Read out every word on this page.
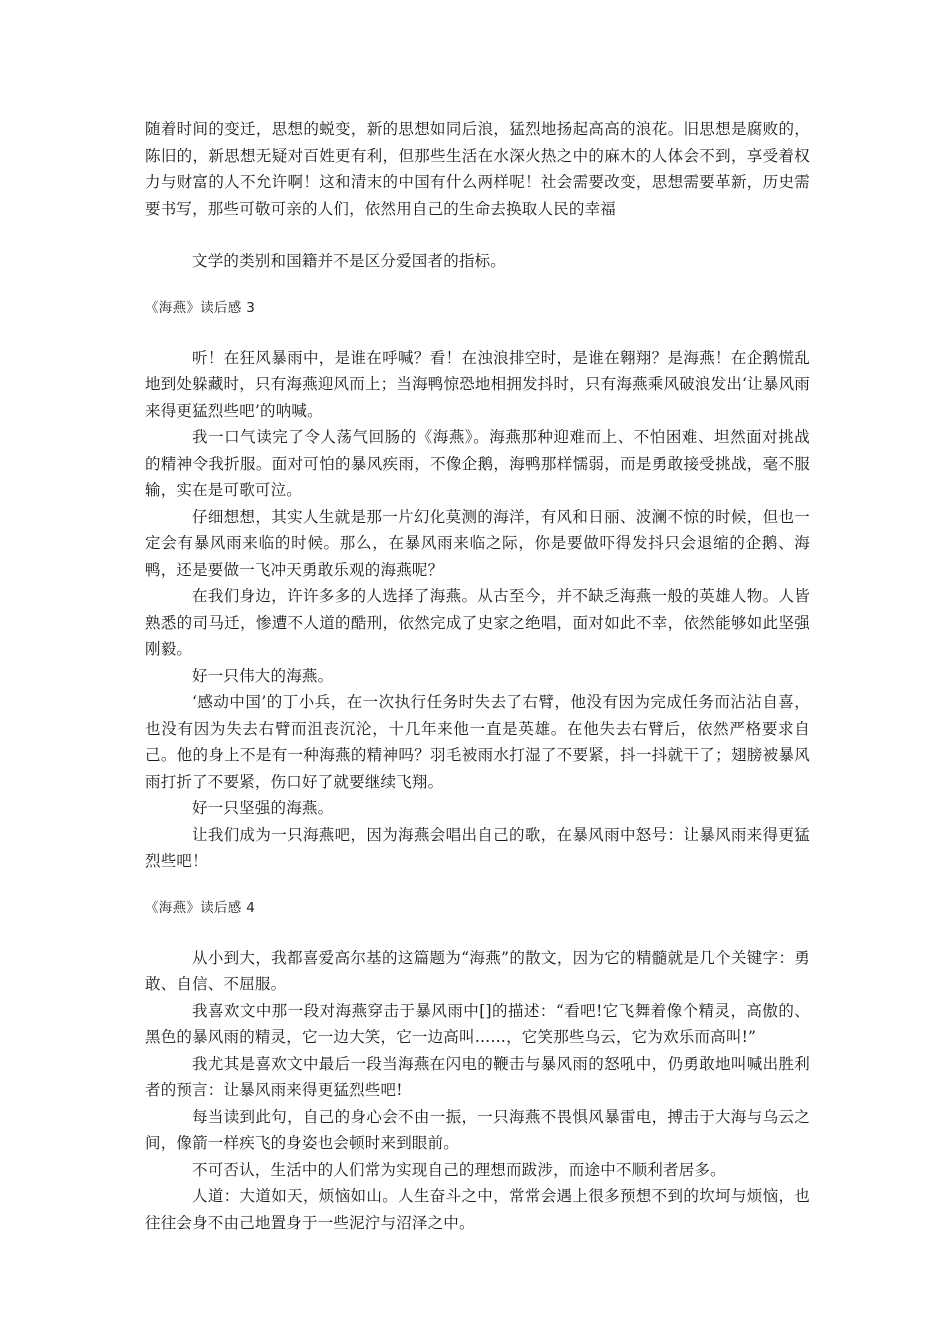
随着时间的变迁，思想的蜕变，新的思想如同后浪，猛烈地扬起高高的浪花。旧思想是腐败的，陈旧的，新思想无疑对百姓更有利，但那些生活在水深火热之中的麻木的人体会不到，享受着权力与财富的人不允许啊！这和清末的中国有什么两样呢！社会需要改变，思想需要革新，历史需要书写，那些可敬可亲的人们，依然用自己的生命去换取人民的幸福

文学的类别和国籍并不是区分爱国者的指标。

《海燕》读后感 3

听！在狂风暴雨中，是谁在呼喊？看！在浊浪排空时，是谁在翱翔？是海燕！在企鹅慌乱地到处躲藏时，只有海燕迎风而上；当海鸭惊恐地相拥发抖时，只有海燕乘风破浪发出‘让暴风雨来得更猛烈些吧’的呐喊。

我一口气读完了令人荡气回肠的《海燕》。海燕那种迎难而上、不怕困难、坦然面对挑战的精神令我折服。面对可怕的暴风疾雨，不像企鹅，海鸭那样懦弱，而是勇敢接受挑战，毫不服输，实在是可歌可泣。

仔细想想，其实人生就是那一片幻化莫测的海洋，有风和日丽、波澜不惊的时候，但也一定会有暴风雨来临的时候。那么，在暴风雨来临之际，你是要做吓得发抖只会退缩的企鹅、海鸭，还是要做一飞冲天勇敢乐观的海燕呢？

在我们身边，许许多多的人选择了海燕。从古至今，并不缺乏海燕一般的英雄人物。人皆熟悉的司马迁，惨遭不人道的酷刑，依然完成了史家之绝唱，面对如此不幸，依然能够如此坚强刚毅。

好一只伟大的海燕。

‘感动中国’的丁小兵，在一次执行任务时失去了右臂，他没有因为完成任务而沾沾自喜，也没有因为失去右臂而沮丧沉沦，十几年来他一直是英雄。在他失去右臂后，依然严格要求自己。他的身上不是有一种海燕的精神吗？羽毛被雨水打湿了不要紧，抖一抖就干了；翅膀被暴风雨打折了不要紧，伤口好了就要继续飞翔。

好一只坚强的海燕。

让我们成为一只海燕吧，因为海燕会唱出自己的歌，在暴风雨中怒号：让暴风雨来得更猛烈些吧！

《海燕》读后感 4

从小到大，我都喜爱高尔基的这篇题为“海燕”的散文，因为它的精髓就是几个关键字：勇敢、自信、不屈服。

我喜欢文中那一段对海燕穿击于暴风雨中[]的描述：“看吧!它飞舞着像个精灵，高傲的、黑色的暴风雨的精灵，它一边大笑，它一边高叫……，它笑那些乌云，它为欢乐而高叫!”

我尤其是喜欢文中最后一段当海燕在闪电的鞭击与暴风雨的怒吼中，仍勇敢地叫喊出胜利者的预言：让暴风雨来得更猛烈些吧!

每当读到此句，自己的身心会不由一振，一只海燕不畏惧风暴雷电，搏击于大海与乌云之间，像箭一样疾飞的身姿也会顿时来到眼前。

不可否认，生活中的人们常为实现自己的理想而跋涉，而途中不顺利者居多。

人道：大道如天，烦恼如山。人生奋斗之中，常常会遇上很多预想不到的坎坷与烦恼，也往往会身不由己地置身于一些泥泞与沼泽之中。
